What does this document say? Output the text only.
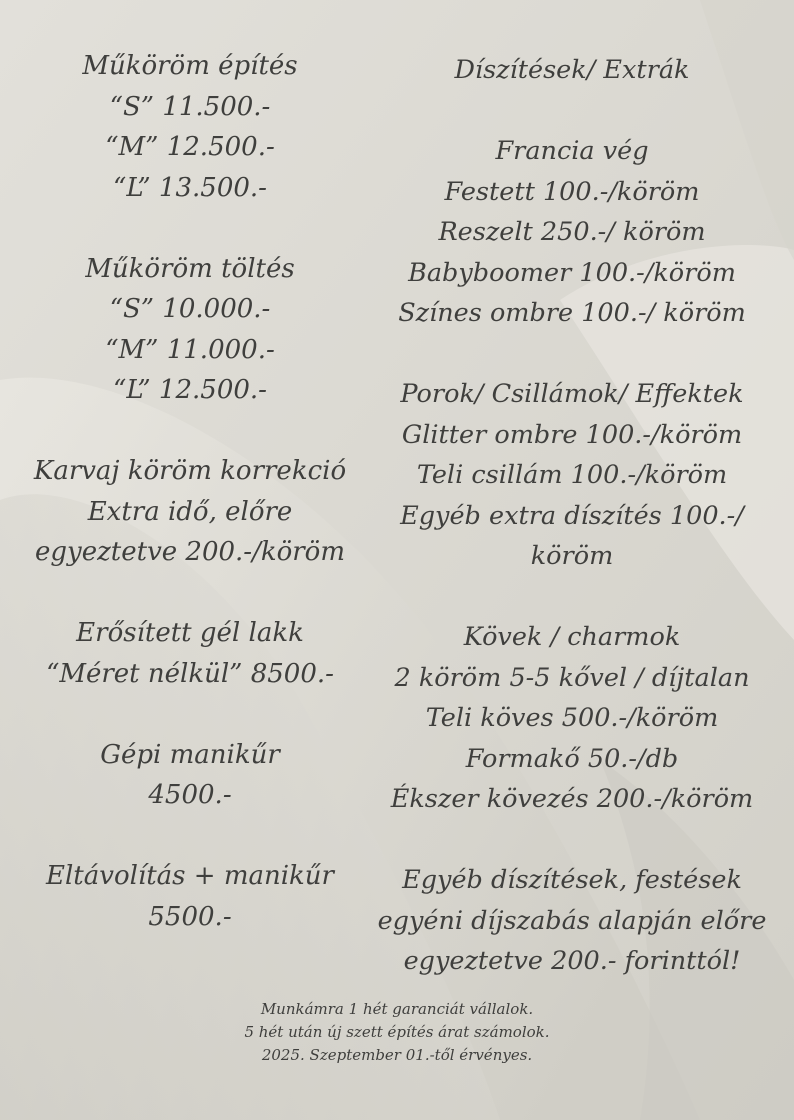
Műköröm építés
“S” 11.500.-
“M” 12.500.-
“L” 13.500.-

Műköröm töltés
“S” 10.000.-
“M” 11.000.-
“L” 12.500.-

Karvaj köröm korrekció
Extra idő, előre
egyeztetve 200.-/köröm

Erősített gél lakk
“Méret nélkül” 8500.-

Gépi manikűr
4500.-

Eltávolítás + manikűr
5500.-
Díszítések/ Extrák

Francia vég
Festett 100.-/köröm
Reszelt 250.-/ köröm
Babyboomer 100.-/köröm
Színes ombre 100.-/ köröm

Porok/ Csillámok/ Effektek
Glitter ombre 100.-/köröm
Teli csillám 100.-/köröm
Egyéb extra díszítés 100.-/
köröm

Kövek / charmok
2 köröm 5-5 kővel / díjtalan
Teli köves 500.-/köröm
Formakő 50.-/db
Ékszer kövezés 200.-/köröm

Egyéb díszítések, festések
egyéni díjszabás alapján előre
egyeztetve 200.- forinttól!
Munkámra 1 hét garanciát vállalok.
5 hét után új szett építés árat számolok.
2025. Szeptember 01.-től érvényes.
